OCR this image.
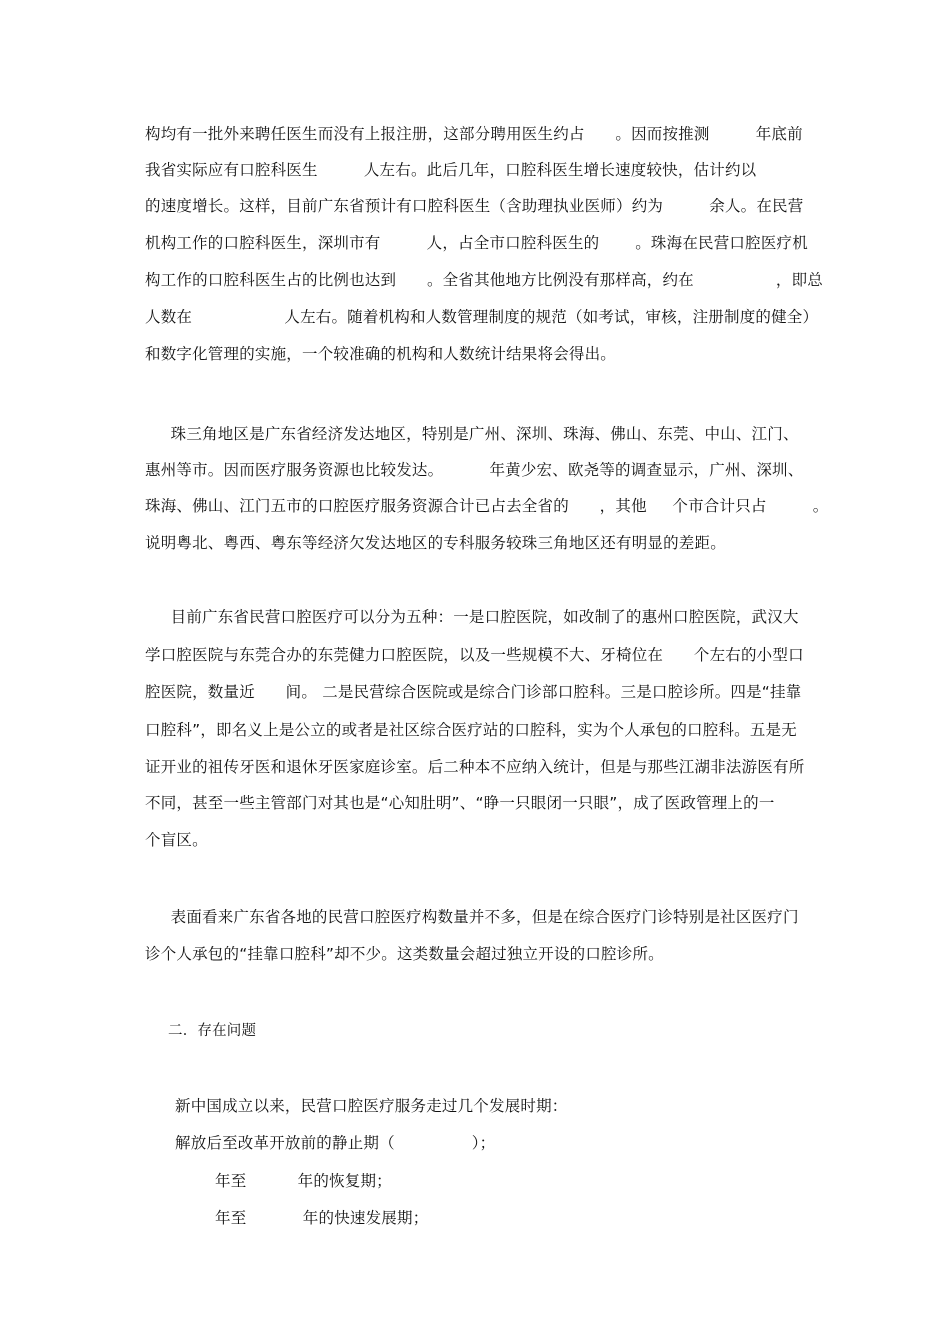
构均有一批外来聘任医生而没有上报注册，这部分聘用医生约占      。因而按推测         年底前
我省实际应有口腔科医生         人左右。此后几年，口腔科医生增长速度较快，估计约以
的速度增长。这样，目前广东省预计有口腔科医生（含助理执业医师）约为         余人。在民营
机构工作的口腔科医生，深圳市有         人，占全市口腔科医生的       。珠海在民营口腔医疗机
构工作的口腔科医生占的比例也达到      。全省其他地方比例没有那样高，约在                ，即总
人数在                  人左右。随着机构和人数管理制度的规范（如考试，审核，注册制度的健全）
和数字化管理的实施，一个较准确的机构和人数统计结果将会得出。
珠三角地区是广东省经济发达地区，特别是广州、深圳、珠海、佛山、东莞、中山、江门、
惠州等市。因而医疗服务资源也比较发达。         年黄少宏、欧尧等的调查显示，广州、深圳、
珠海、佛山、江门五市的口腔医疗服务资源合计已占去全省的      ，其他     个市合计只占         。
说明粤北、粤西、粤东等经济欠发达地区的专科服务较珠三角地区还有明显的差距。
目前广东省民营口腔医疗可以分为五种：一是口腔医院，如改制了的惠州口腔医院，武汉大
学口腔医院与东莞合办的东莞健力口腔医院，以及一些规模不大、牙椅位在      个左右的小型口
腔医院，数量近      间。 二是民营综合医院或是综合门诊部口腔科。三是口腔诊所。四是“挂靠
口腔科”，即名义上是公立的或者是社区综合医疗站的口腔科，实为个人承包的口腔科。五是无
证开业的祖传牙医和退休牙医家庭诊室。后二种本不应纳入统计，但是与那些江湖非法游医有所
不同，甚至一些主管部门对其也是“心知肚明”、“睁一只眼闭一只眼”，成了医政管理上的一
个盲区。
表面看来广东省各地的民营口腔医疗构数量并不多，但是在综合医疗门诊特别是社区医疗门
诊个人承包的“挂靠口腔科”却不少。这类数量会超过独立开设的口腔诊所。
二．存在问题
新中国成立以来，民营口腔医疗服务走过几个发展时期：
解放后至改革开放前的静止期（               ）；
年至          年的恢复期；
年至           年的快速发展期；
